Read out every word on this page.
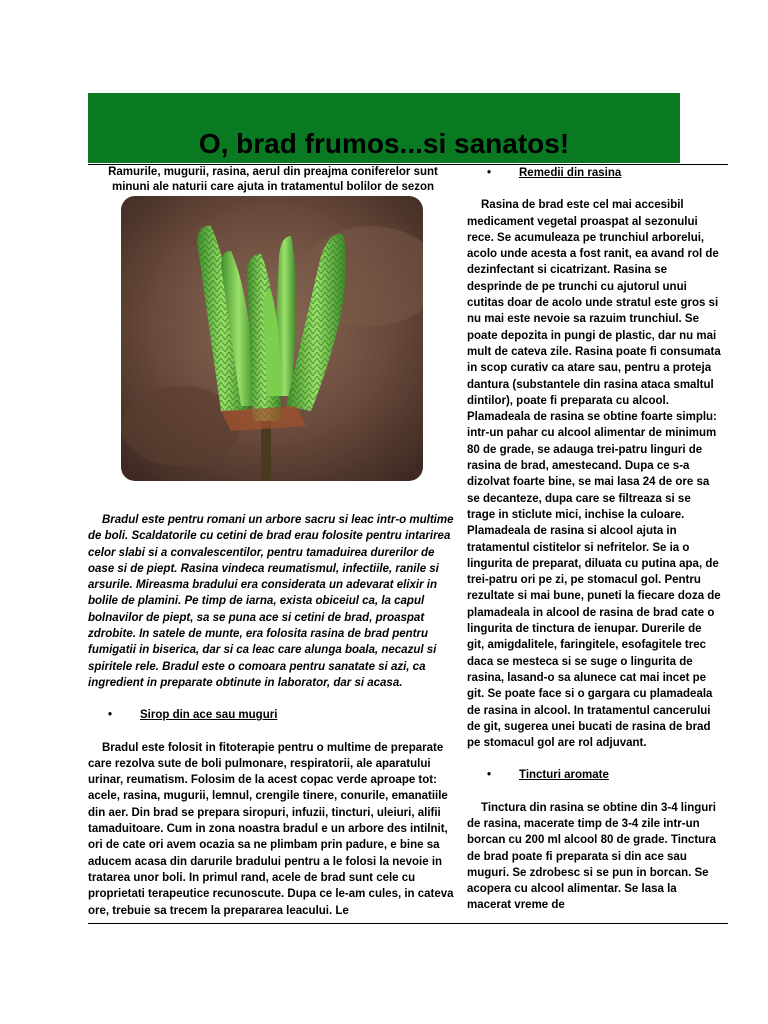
O, brad frumos...si sanatos!
Ramurile, mugurii, rasina, aerul din preajma coniferelor sunt minuni ale naturii care ajuta in tratamentul bolilor de sezon

Bradul este pentru romani un arbore sacru si leac intr-o multime de boli. Scaldatorile cu cetini de brad erau folosite pentru intarirea celor slabi si a convalescentilor, pentru tamaduirea durerilor de oase si de piept. Rasina vindeca reumatismul, infectiile, ranile si arsurile. Mireasma bradului era considerata un adevarat elixir in bolile de plamini. Pe timp de iarna, exista obiceiul ca, la capul bolnavilor de piept, sa se puna ace si cetini de brad, proaspat zdrobite. In satele de munte, era folosita rasina de brad pentru fumigatii in biserica, dar si ca leac care alunga boala, necazul si spiritele rele. Bradul este o comoara pentru sanatate si azi, ca ingredient in preparate obtinute in laborator, dar si acasa.

•	Sirop din ace sau muguri

Bradul este folosit in fitoterapie pentru o multime de preparate care rezolva sute de boli pulmonare, respiratorii, ale aparatului urinar, reumatism. Folosim de la acest copac verde aproape tot: acele, rasina, mugurii, lemnul, crengile tinere, conurile, emanatiile din aer. Din brad se prepara siropuri, infuzii, tincturi, uleiuri, alifii tamaduitoare. Cum in zona noastra bradul e un arbore des intilnit, ori de cate ori avem ocazia sa ne plimbam prin padure, e bine sa aducem acasa din darurile bradului pentru a le folosi la nevoie in tratarea unor boli. In primul rand, acele de brad sunt cele cu proprietati terapeutice recunoscute. Dupa ce le-am cules, in cateva ore, trebuie sa trecem la prepararea leacului. Le

•	Remedii din rasina

Rasina de brad este cel mai accesibil medicament vegetal proaspat al sezonului rece. Se acumuleaza pe trunchiul arborelui, acolo unde acesta a fost ranit, ea avand rol de dezinfectant si cicatrizant. Rasina se desprinde de pe trunchi cu ajutorul unui cutitas doar de acolo unde stratul este gros si nu mai este nevoie sa razuim trunchiul. Se poate depozita in pungi de plastic, dar nu mai mult de cateva zile. Rasina poate fi consumata in scop curativ ca atare sau, pentru a proteja dantura (substantele din rasina ataca smaltul dintilor), poate fi preparata cu alcool. Plamadeala de rasina se obtine foarte simplu: intr-un pahar cu alcool alimentar de minimum 80 de grade, se adauga trei-patru linguri de rasina de brad, amestecand. Dupa ce s-a dizolvat foarte bine, se mai lasa 24 de ore sa se decanteze, dupa care se filtreaza si se trage in sticlute mici, inchise la culoare. Plamadeala de rasina si alcool ajuta in tratamentul cistitelor si nefritelor. Se ia o lingurita de preparat, diluata cu putina apa, de trei-patru ori pe zi, pe stomacul gol. Pentru rezultate si mai bune, puneti la fiecare doza de plamadeala in alcool de rasina de brad cate o lingurita de tinctura de ienupar. Durerile de git, amigdalitele, faringitele, esofagitele trec daca se mesteca si se suge o lingurita de rasina, lasand-o sa alunece cat mai incet pe git. Se poate face si o gargara cu plamadeala de rasina in alcool. In tratamentul cancerului de git, sugerea unei bucati de rasina de brad pe stomacul gol are rol adjuvant.

•	Tincturi aromate

Tinctura din rasina se obtine din 3-4 linguri de rasina, macerate timp de 3-4 zile intr-un borcan cu 200 ml alcool 80 de grade. Tinctura de brad poate fi preparata si din ace sau muguri. Se zdrobesc si se pun in borcan. Se acopera cu alcool alimentar. Se lasa la macerat vreme de
